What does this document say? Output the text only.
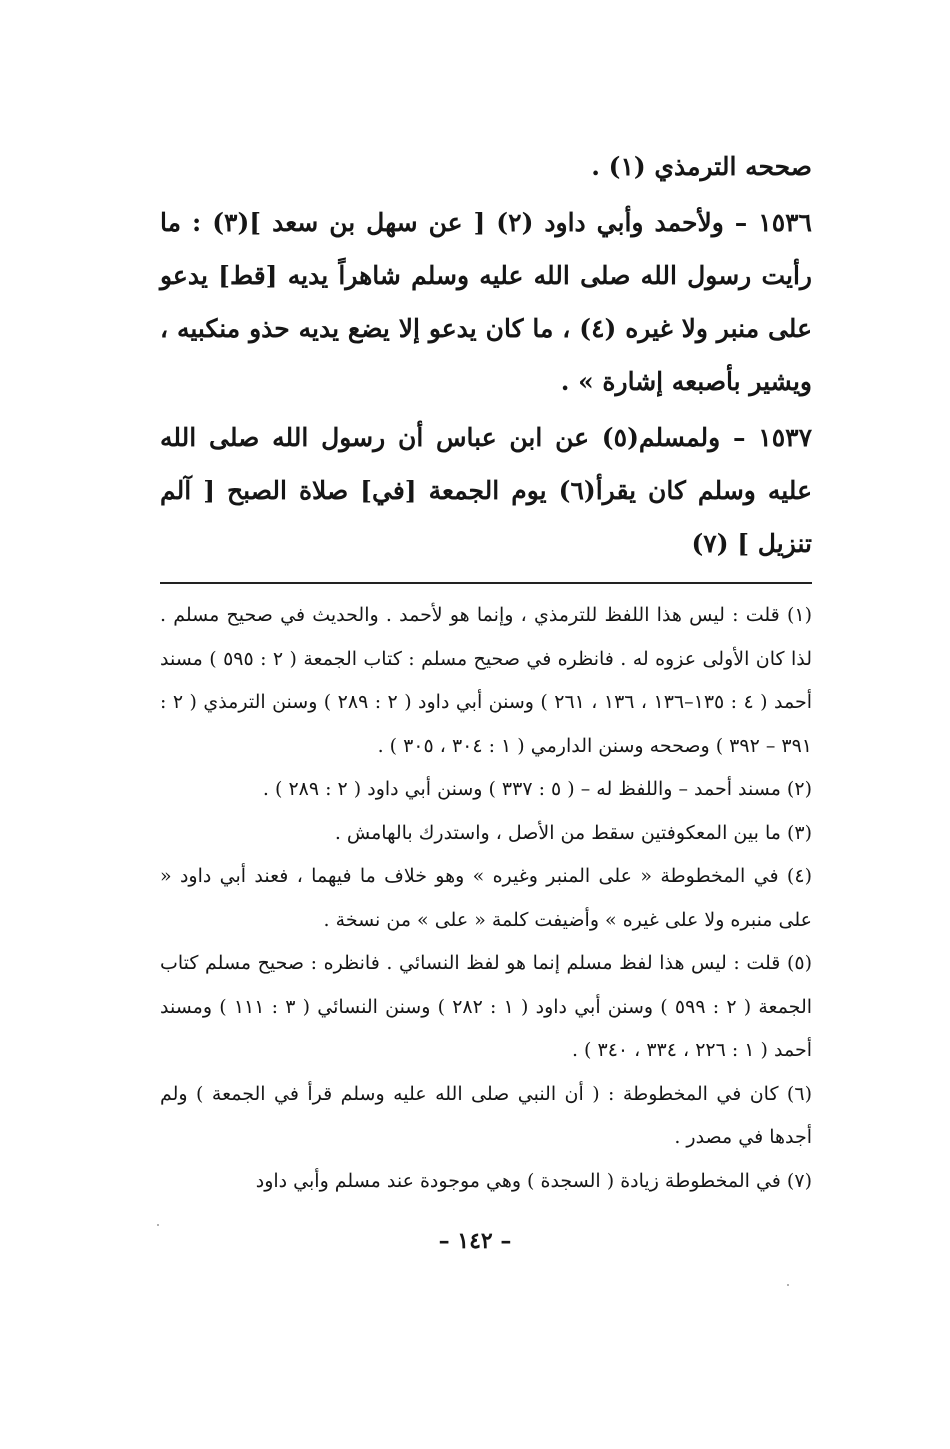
صححه الترمذي (١) .

١٥٣٦ – ولأحمد وأبي داود (٢) [ عن سهل بن سعد ](٣) : ما رأيت رسول الله صلى الله عليه وسلم شاهراً يديه [قط] يدعو على منبر ولا غيره (٤) ، ما كان يدعو إلا يضع يديه حذو منكبيه ، ويشير بأصبعه إشارة » .

١٥٣٧ – ولمسلم(٥) عن ابن عباس أن رسول الله صلى الله عليه وسلم كان يقرأ(٦) يوم الجمعة [في] صلاة الصبح [ آلم تنزيل ] (٧)

(١) قلت : ليس هذا اللفظ للترمذي ، وإنما هو لأحمد . والحديث في صحيح مسلم . لذا كان الأولى عزوه له . فانظره في صحيح مسلم : كتاب الجمعة ( ٢ : ٥٩٥ ) مسند أحمد ( ٤ : ١٣٥–١٣٦ ، ١٣٦ ، ٢٦١ ) وسنن أبي داود ( ٢ : ٢٨٩ ) وسنن الترمذي ( ٢ : ٣٩١ – ٣٩٢ ) وصححه وسنن الدارمي ( ١ : ٣٠٤ ، ٣٠٥ ) .

(٢) مسند أحمد – واللفظ له – ( ٥ : ٣٣٧ ) وسنن أبي داود ( ٢ : ٢٨٩ ) .

(٣) ما بين المعكوفتين سقط من الأصل ، واستدرك بالهامش .

(٤) في المخطوطة « على المنبر وغيره » وهو خلاف ما فيهما ، فعند أبي داود « على منبره ولا على غيره » وأضيفت كلمة « على » من نسخة .

(٥) قلت : ليس هذا لفظ مسلم إنما هو لفظ النسائي . فانظره : صحيح مسلم كتاب الجمعة ( ٢ : ٥٩٩ ) وسنن أبي داود ( ١ : ٢٨٢ ) وسنن النسائي ( ٣ : ١١١ ) ومسند أحمد ( ١ : ٢٢٦ ، ٣٣٤ ، ٣٤٠ ) .

(٦) كان في المخطوطة : ( أن النبي صلى الله عليه وسلم قرأ في الجمعة ) ولم أجدها في مصدر .

(٧) في المخطوطة زيادة ( السجدة ) وهي موجودة عند مسلم وأبي داود

– ١٤٢ –
